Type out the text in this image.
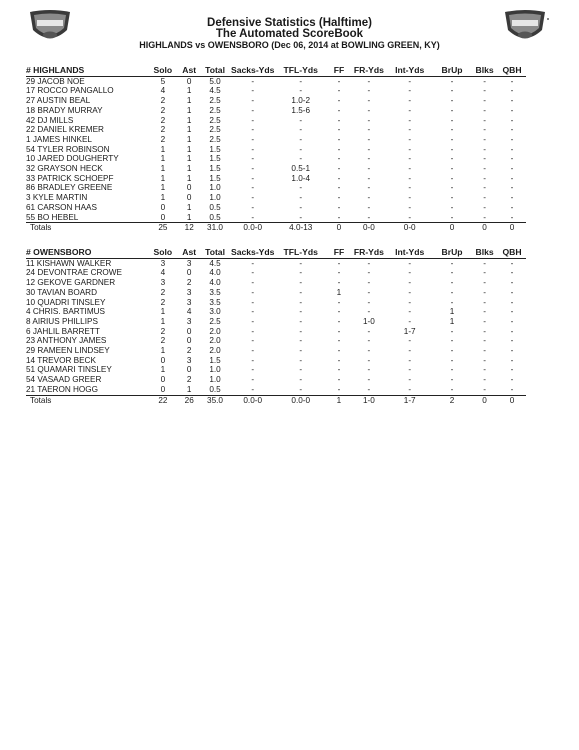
Defensive Statistics (Halftime)
The Automated ScoreBook
HIGHLANDS vs OWENSBORO (Dec 06, 2014 at BOWLING GREEN, KY)
# HIGHLANDS	Solo	Ast	Total	Sacks-Yds	TFL-Yds	FF	FR-Yds	Int-Yds	BrUp	Blks	QBH
29 JACOB NOE	5	0	5.0	-	-	-	-	-	-	-	-
17 ROCCO PANGALLO	4	1	4.5	-	-	-	-	-	-	-	-
27 AUSTIN BEAL	2	1	2.5	-	1.0-2	-	-	-	-	-	-
18 BRADY MURRAY	2	1	2.5	-	1.5-6	-	-	-	-	-	-
42 DJ MILLS	2	1	2.5	-	-	-	-	-	-	-	-
22 DANIEL KREMER	2	1	2.5	-	-	-	-	-	-	-	-
1 JAMES HINKEL	2	1	2.5	-	-	-	-	-	-	-	-
54 TYLER ROBINSON	1	1	1.5	-	-	-	-	-	-	-	-
10 JARED DOUGHERTY	1	1	1.5	-	-	-	-	-	-	-	-
32 GRAYSON HECK	1	1	1.5	-	0.5-1	-	-	-	-	-	-
33 PATRICK SCHOEPF	1	1	1.5	-	1.0-4	-	-	-	-	-	-
86 BRADLEY GREENE	1	0	1.0	-	-	-	-	-	-	-	-
3 KYLE MARTIN	1	0	1.0	-	-	-	-	-	-	-	-
61 CARSON HAAS	0	1	0.5	-	-	-	-	-	-	-	-
55 BO HEBEL	0	1	0.5	-	-	-	-	-	-	-	-
Totals	25	12	31.0	0.0-0	4.0-13	0	0-0	0-0	0	0	0
# OWENSBORO	Solo	Ast	Total	Sacks-Yds	TFL-Yds	FF	FR-Yds	Int-Yds	BrUp	Blks	QBH
11 KISHAWN WALKER	3	3	4.5	-	-	-	-	-	-	-	-
24 DEVONTRAE CROWE	4	0	4.0	-	-	-	-	-	-	-	-
12 GEKOVE GARDNER	3	2	4.0	-	-	-	-	-	-	-	-
30 TAVIAN BOARD	2	3	3.5	-	-	1	-	-	-	-	-
10 QUADRI TINSLEY	2	3	3.5	-	-	-	-	-	-	-	-
4 CHRIS. BARTIMUS	1	4	3.0	-	-	-	-	-	1	-	-
8 AIRIUS PHILLIPS	1	3	2.5	-	-	-	1-0	-	1	-	-
6 JAHLIL BARRETT	2	0	2.0	-	-	-	-	1-7	-	-	-
23 ANTHONY JAMES	2	0	2.0	-	-	-	-	-	-	-	-
29 RAMEEN LINDSEY	1	2	2.0	-	-	-	-	-	-	-	-
14 TREVOR BECK	0	3	1.5	-	-	-	-	-	-	-	-
51 QUAMARI TINSLEY	1	0	1.0	-	-	-	-	-	-	-	-
54 VASAAD GREER	0	2	1.0	-	-	-	-	-	-	-	-
21 TAERON HOGG	0	1	0.5	-	-	-	-	-	-	-	-
Totals	22	26	35.0	0.0-0	0.0-0	1	1-0	1-7	2	0	0
